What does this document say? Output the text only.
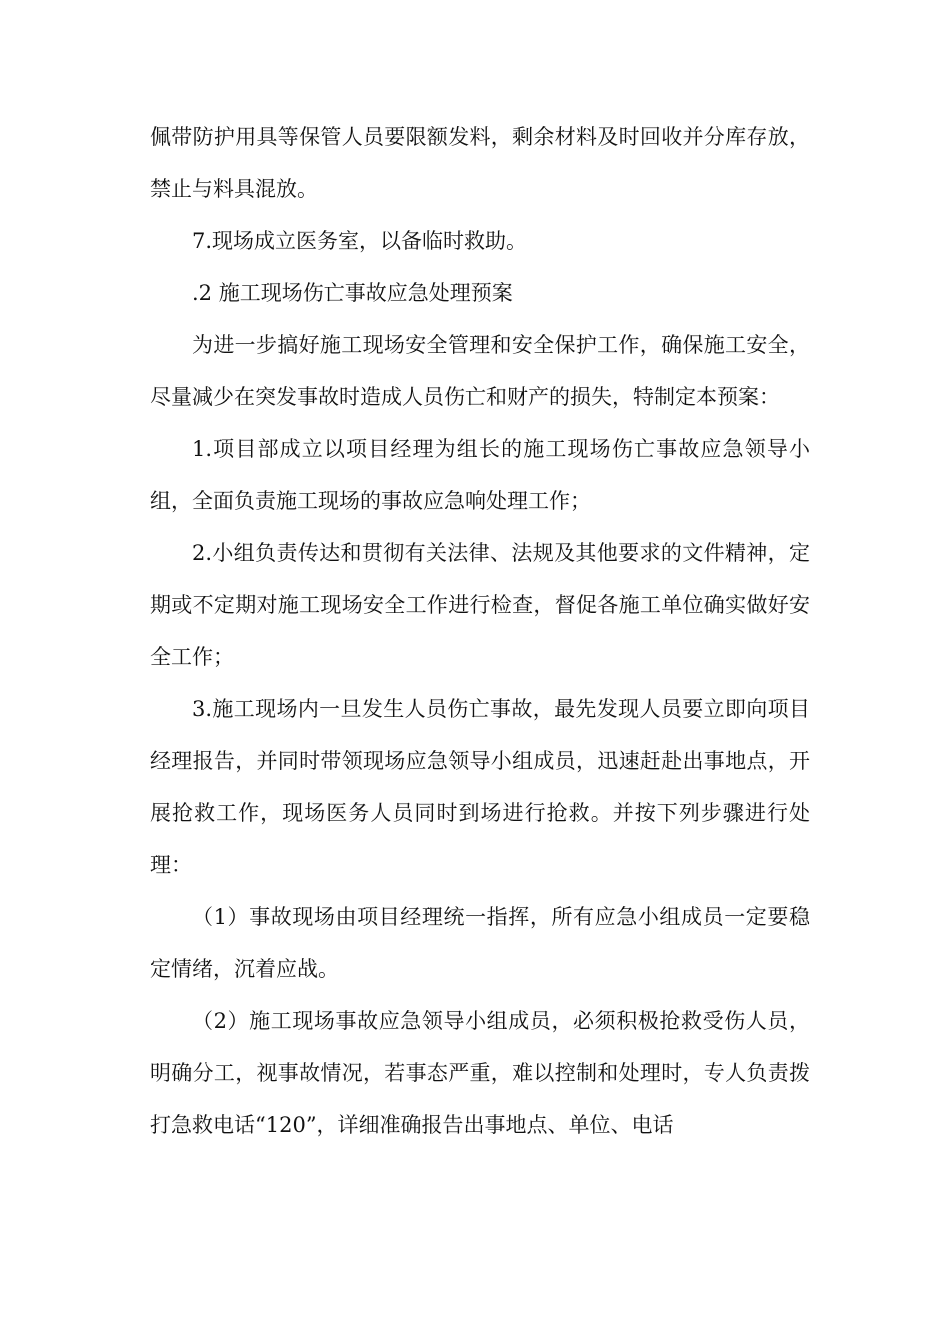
佩带防护用具等保管人员要限额发料，剩余材料及时回收并分库存放，禁止与料具混放。

7.现场成立医务室，以备临时救助。

.2 施工现场伤亡事故应急处理预案

为进一步搞好施工现场安全管理和安全保护工作，确保施工安全，尽量减少在突发事故时造成人员伤亡和财产的损失，特制定本预案：

1.项目部成立以项目经理为组长的施工现场伤亡事故应急领导小组，全面负责施工现场的事故应急响处理工作；

2.小组负责传达和贯彻有关法律、法规及其他要求的文件精神，定期或不定期对施工现场安全工作进行检查，督促各施工单位确实做好安全工作；

3.施工现场内一旦发生人员伤亡事故，最先发现人员要立即向项目经理报告，并同时带领现场应急领导小组成员，迅速赶赴出事地点，开展抢救工作，现场医务人员同时到场进行抢救。并按下列步骤进行处理：

（1）事故现场由项目经理统一指挥，所有应急小组成员一定要稳定情绪，沉着应战。

（2）施工现场事故应急领导小组成员，必须积极抢救受伤人员，明确分工，视事故情况，若事态严重，难以控制和处理时，专人负责拨打急救电话“120”，详细准确报告出事地点、单位、电话
